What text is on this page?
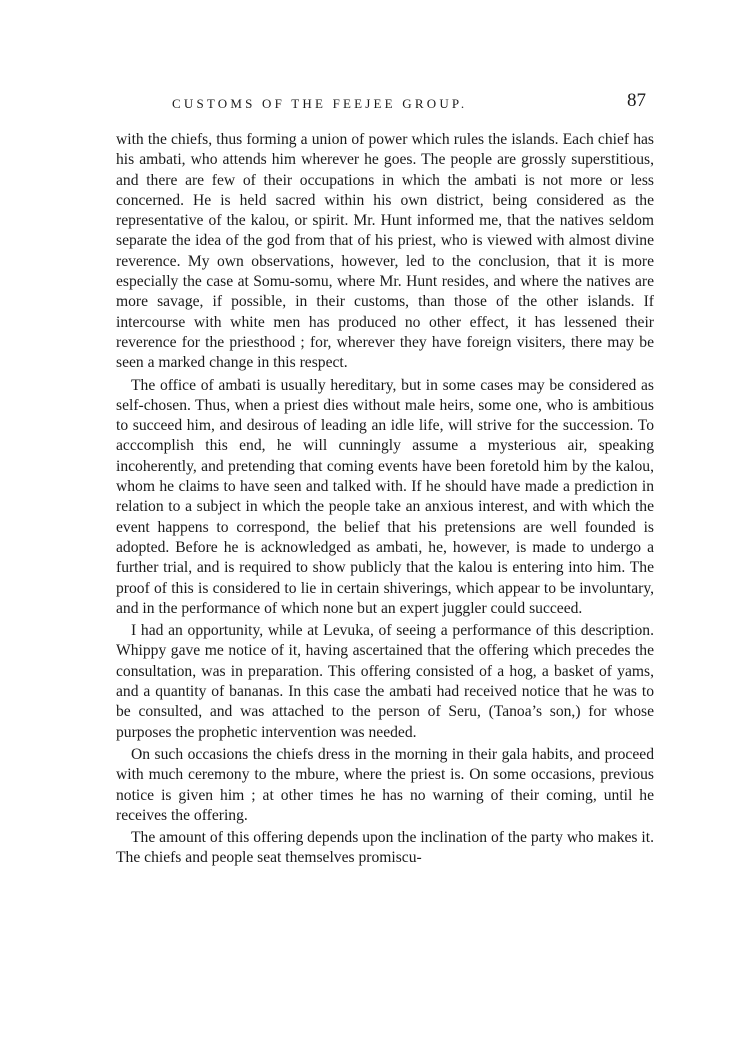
CUSTOMS OF THE FEEJEE GROUP.	87

with the chiefs, thus forming a union of power which rules the islands. Each chief has his ambati, who attends him wherever he goes. The people are grossly superstitious, and there are few of their occupations in which the ambati is not more or less concerned. He is held sacred within his own district, being considered as the representative of the kalou, or spirit. Mr. Hunt informed me, that the natives seldom separate the idea of the god from that of his priest, who is viewed with almost divine reverence. My own observations, however, led to the conclusion, that it is more especially the case at Somu-somu, where Mr. Hunt resides, and where the natives are more savage, if possible, in their customs, than those of the other islands. If intercourse with white men has produced no other effect, it has lessened their reverence for the priesthood ; for, wherever they have foreign visiters, there may be seen a marked change in this respect.

The office of ambati is usually hereditary, but in some cases may be considered as self-chosen. Thus, when a priest dies without male heirs, some one, who is ambitious to succeed him, and desirous of leading an idle life, will strive for the succession. To acccomplish this end, he will cunningly assume a mysterious air, speaking incoherently, and pretending that coming events have been foretold him by the kalou, whom he claims to have seen and talked with. If he should have made a prediction in relation to a subject in which the people take an anxious interest, and with which the event happens to correspond, the belief that his pretensions are well founded is adopted. Before he is acknowledged as ambati, he, however, is made to undergo a further trial, and is required to show publicly that the kalou is entering into him. The proof of this is considered to lie in certain shiverings, which appear to be involuntary, and in the performance of which none but an expert juggler could succeed.

I had an opportunity, while at Levuka, of seeing a performance of this description. Whippy gave me notice of it, having ascertained that the offering which precedes the consultation, was in preparation. This offering consisted of a hog, a basket of yams, and a quantity of bananas. In this case the ambati had received notice that he was to be consulted, and was attached to the person of Seru, (Tanoa’s son,) for whose purposes the prophetic intervention was needed.

On such occasions the chiefs dress in the morning in their gala habits, and proceed with much ceremony to the mbure, where the priest is. On some occasions, previous notice is given him ; at other times he has no warning of their coming, until he receives the offering.

The amount of this offering depends upon the inclination of the party who makes it. The chiefs and people seat themselves promiscu-
